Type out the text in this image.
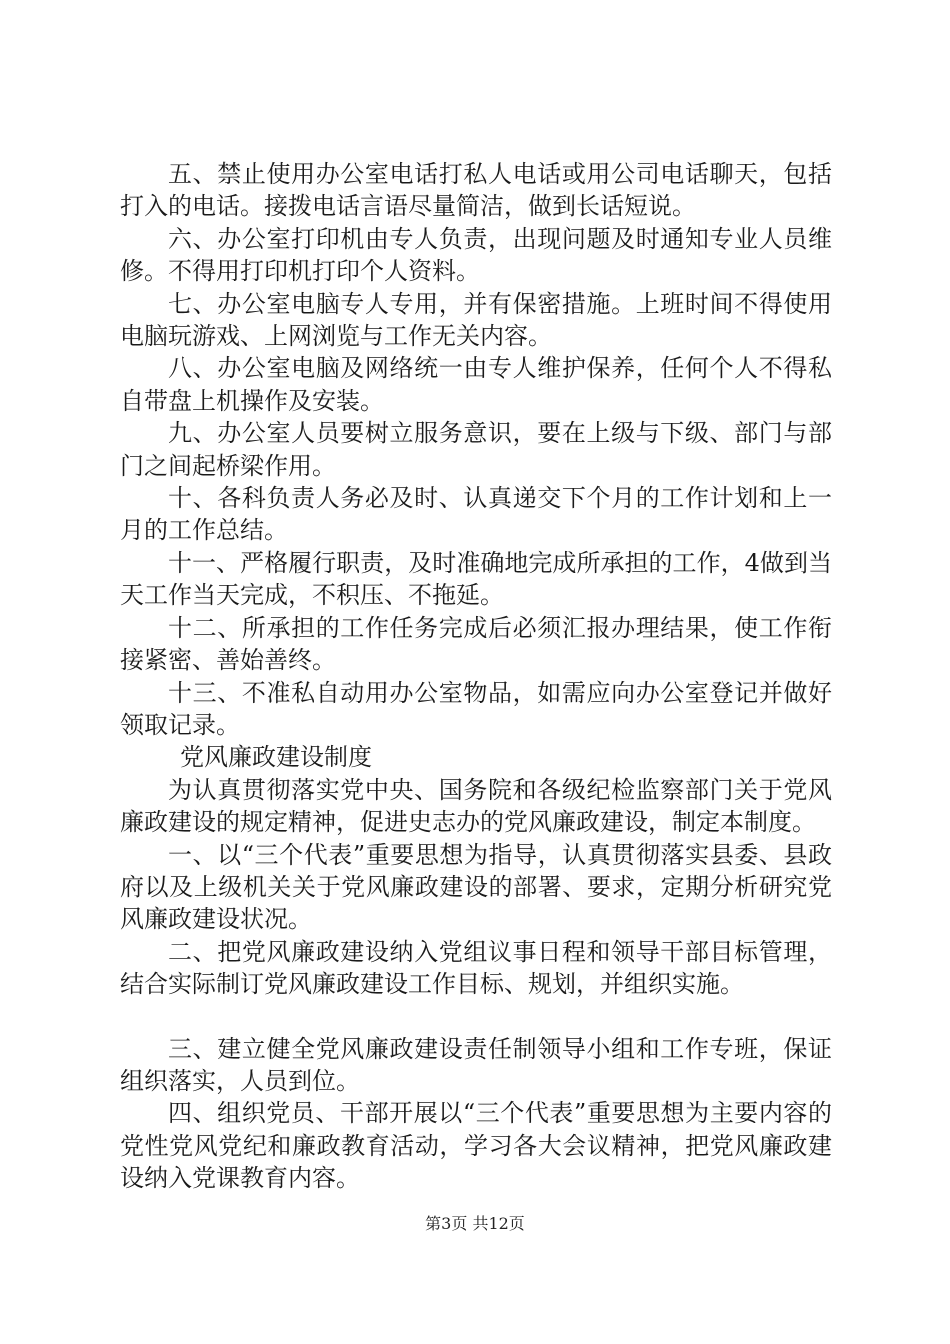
五、禁止使用办公室电话打私人电话或用公司电话聊天，包括打入的电话。接拨电话言语尽量简洁，做到长话短说。

六、办公室打印机由专人负责，出现问题及时通知专业人员维修。不得用打印机打印个人资料。

七、办公室电脑专人专用，并有保密措施。上班时间不得使用电脑玩游戏、上网浏览与工作无关内容。

八、办公室电脑及网络统一由专人维护保养，任何个人不得私自带盘上机操作及安装。

九、办公室人员要树立服务意识，要在上级与下级、部门与部门之间起桥梁作用。

十、各科负责人务必及时、认真递交下个月的工作计划和上一月的工作总结。

十一、严格履行职责，及时准确地完成所承担的工作，4做到当天工作当天完成，不积压、不拖延。

十二、所承担的工作任务完成后必须汇报办理结果，使工作衔接紧密、善始善终。

十三、不准私自动用办公室物品，如需应向办公室登记并做好领取记录。

党风廉政建设制度

为认真贯彻落实党中央、国务院和各级纪检监察部门关于党风廉政建设的规定精神，促进史志办的党风廉政建设，制定本制度。

一、以“三个代表”重要思想为指导，认真贯彻落实县委、县政府以及上级机关关于党风廉政建设的部署、要求，定期分析研究党风廉政建设状况。

二、把党风廉政建设纳入党组议事日程和领导干部目标管理，结合实际制订党风廉政建设工作目标、规划，并组织实施。

三、建立健全党风廉政建设责任制领导小组和工作专班，保证组织落实，人员到位。

四、组织党员、干部开展以“三个代表”重要思想为主要内容的党性党风党纪和廉政教育活动，学习各大会议精神，把党风廉政建设纳入党课教育内容。

第3页 共12页
